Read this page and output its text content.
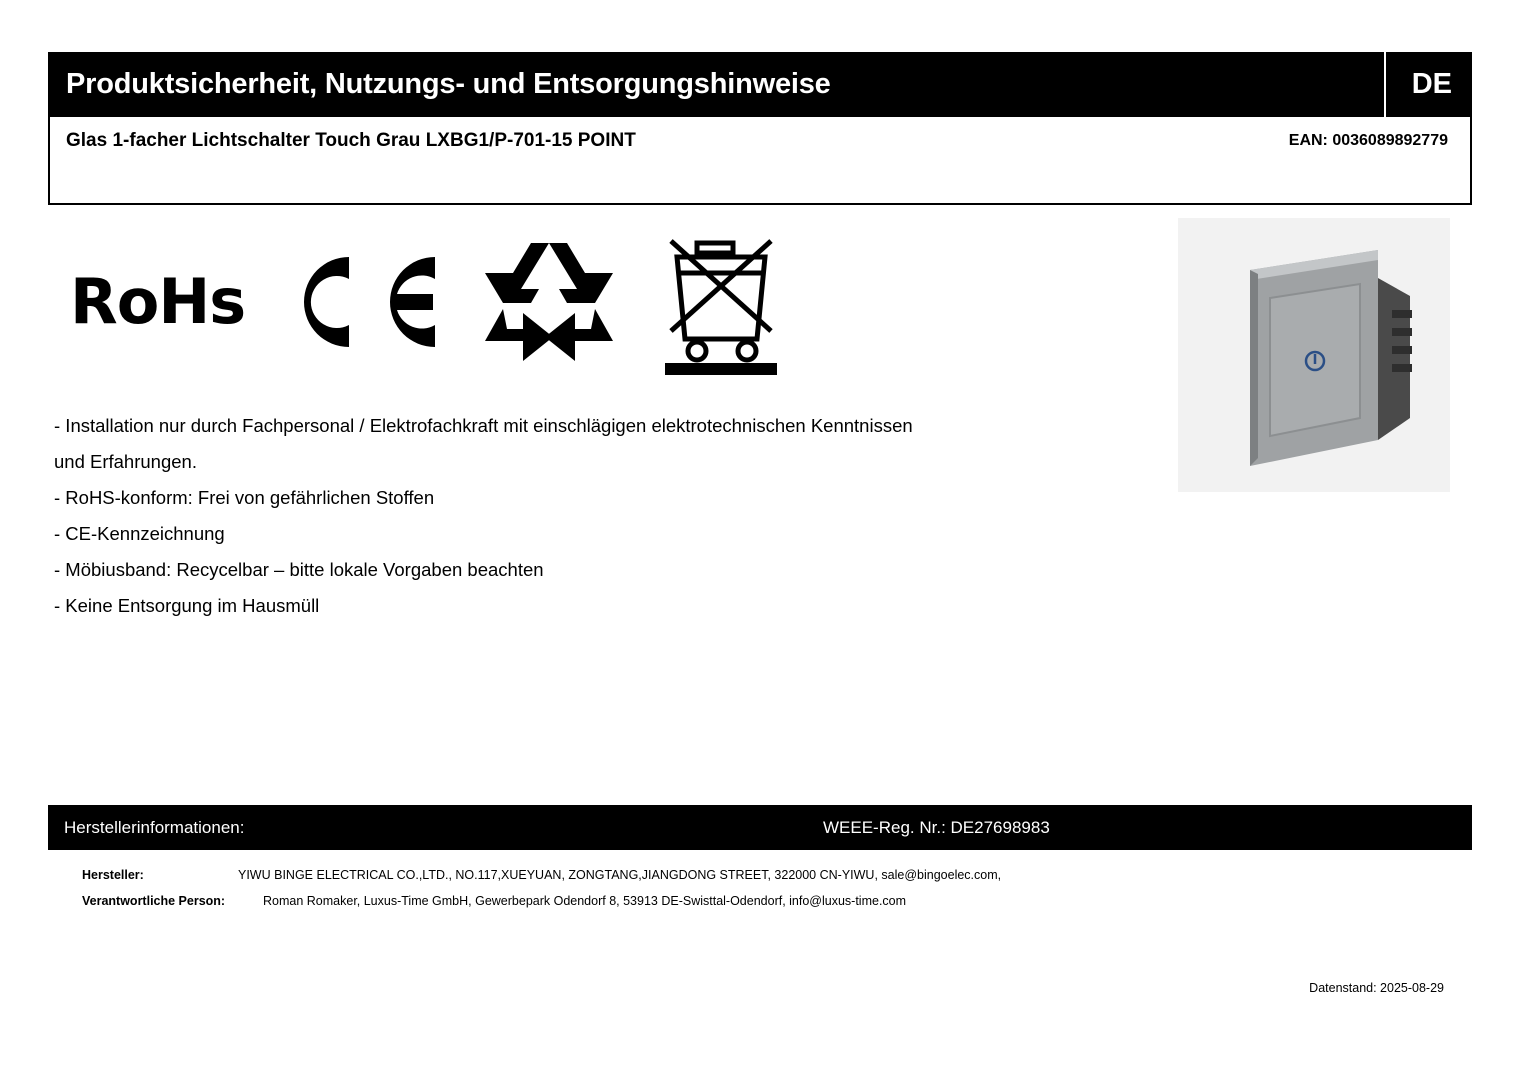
Produktsicherheit, Nutzungs- und Entsorgungshinweise	DE
Glas 1-facher Lichtschalter Touch Grau LXBG1/P-701-15 POINT	EAN: 0036089892779
RoHs

- Installation nur durch Fachpersonal / Elektrofachkraft mit einschlägigen elektrotechnischen Kenntnissen

und Erfahrungen.

- RoHS-konform: Frei von gefährlichen Stoffen

- CE-Kennzeichnung

- Möbiusband: Recycelbar – bitte lokale Vorgaben beachten

- Keine Entsorgung im Hausmüll

Herstellerinformationen:	WEEE-Reg. Nr.: DE27698983
Hersteller:	YIWU BINGE ELECTRICAL CO.,LTD., NO.117,XUEYUAN, ZONGTANG,JIANGDONG STREET, 322000 CN-YIWU, sale@bingoelec.com,
Verantwortliche Person:	Roman Romaker, Luxus-Time GmbH, Gewerbepark Odendorf 8, 53913 DE-Swisttal-Odendorf, info@luxus-time.com
Datenstand: 2025-08-29
